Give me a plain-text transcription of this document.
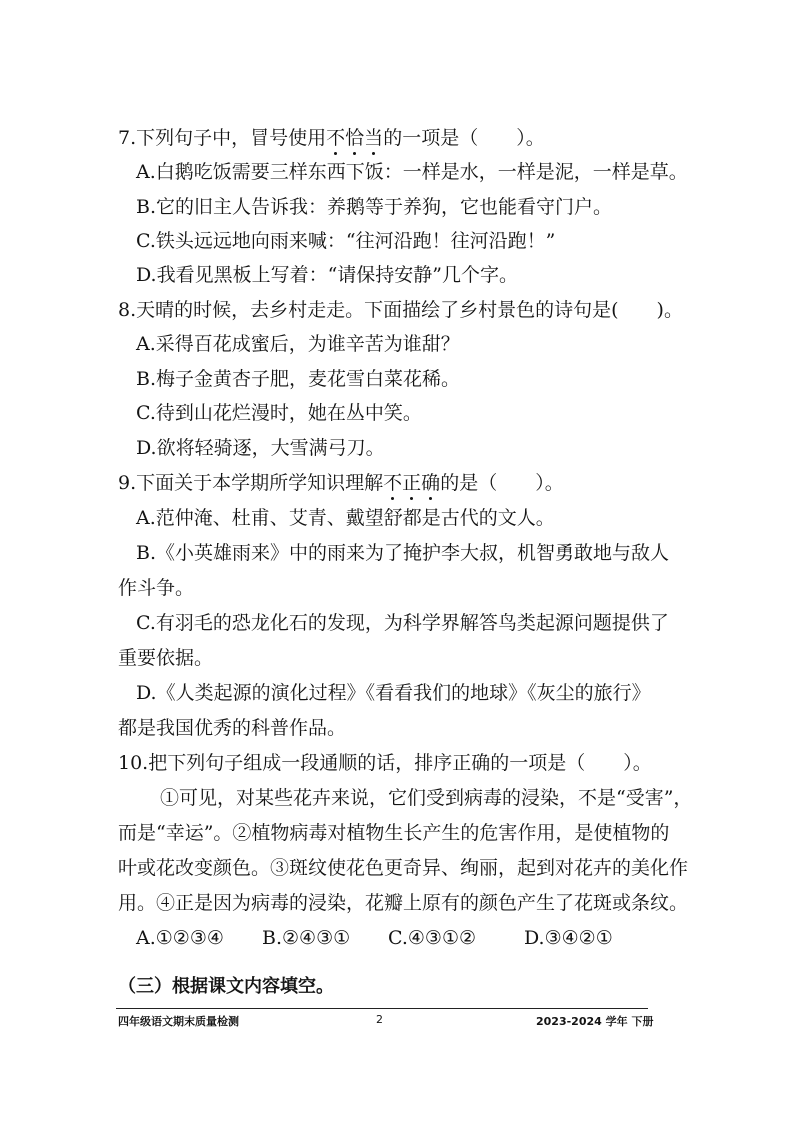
7.下列句子中，冒号使用不恰当的一项是（　　）。
A.白鹅吃饭需要三样东西下饭：一样是水，一样是泥，一样是草。
B.它的旧主人告诉我：养鹅等于养狗，它也能看守门户。
C.铁头远远地向雨来喊：“往河沿跑！往河沿跑！”
D.我看见黑板上写着：“请保持安静”几个字。
8.天晴的时候，去乡村走走。下面描绘了乡村景色的诗句是(　　)。
A.采得百花成蜜后，为谁辛苦为谁甜？
B.梅子金黄杏子肥，麦花雪白菜花稀。
C.待到山花烂漫时，她在丛中笑。
D.欲将轻骑逐，大雪满弓刀。
9.下面关于本学期所学知识理解不正确的是（　　）。
A.范仲淹、杜甫、艾青、戴望舒都是古代的文人。
B.《小英雄雨来》中的雨来为了掩护李大叔，机智勇敢地与敌人
作斗争。
C.有羽毛的恐龙化石的发现，为科学界解答鸟类起源问题提供了
重要依据。
D.《人类起源的演化过程》《看看我们的地球》《灰尘的旅行》
都是我国优秀的科普作品。
10.把下列句子组成一段通顺的话，排序正确的一项是（　　）。
①可见，对某些花卉来说，它们受到病毒的浸染，不是“受害”，
而是“幸运”。②植物病毒对植物生长产生的危害作用，是使植物的
叶或花改变颜色。③斑纹使花色更奇异、绚丽，起到对花卉的美化作
用。④正是因为病毒的浸染，花瓣上原有的颜色产生了花斑或条纹。
A.①②③④ B.②④③① C.④③①②	D.③④②①
（三）根据课文内容填空。
四年级语文期末质量检测	2	2023-2024 学年 下册
